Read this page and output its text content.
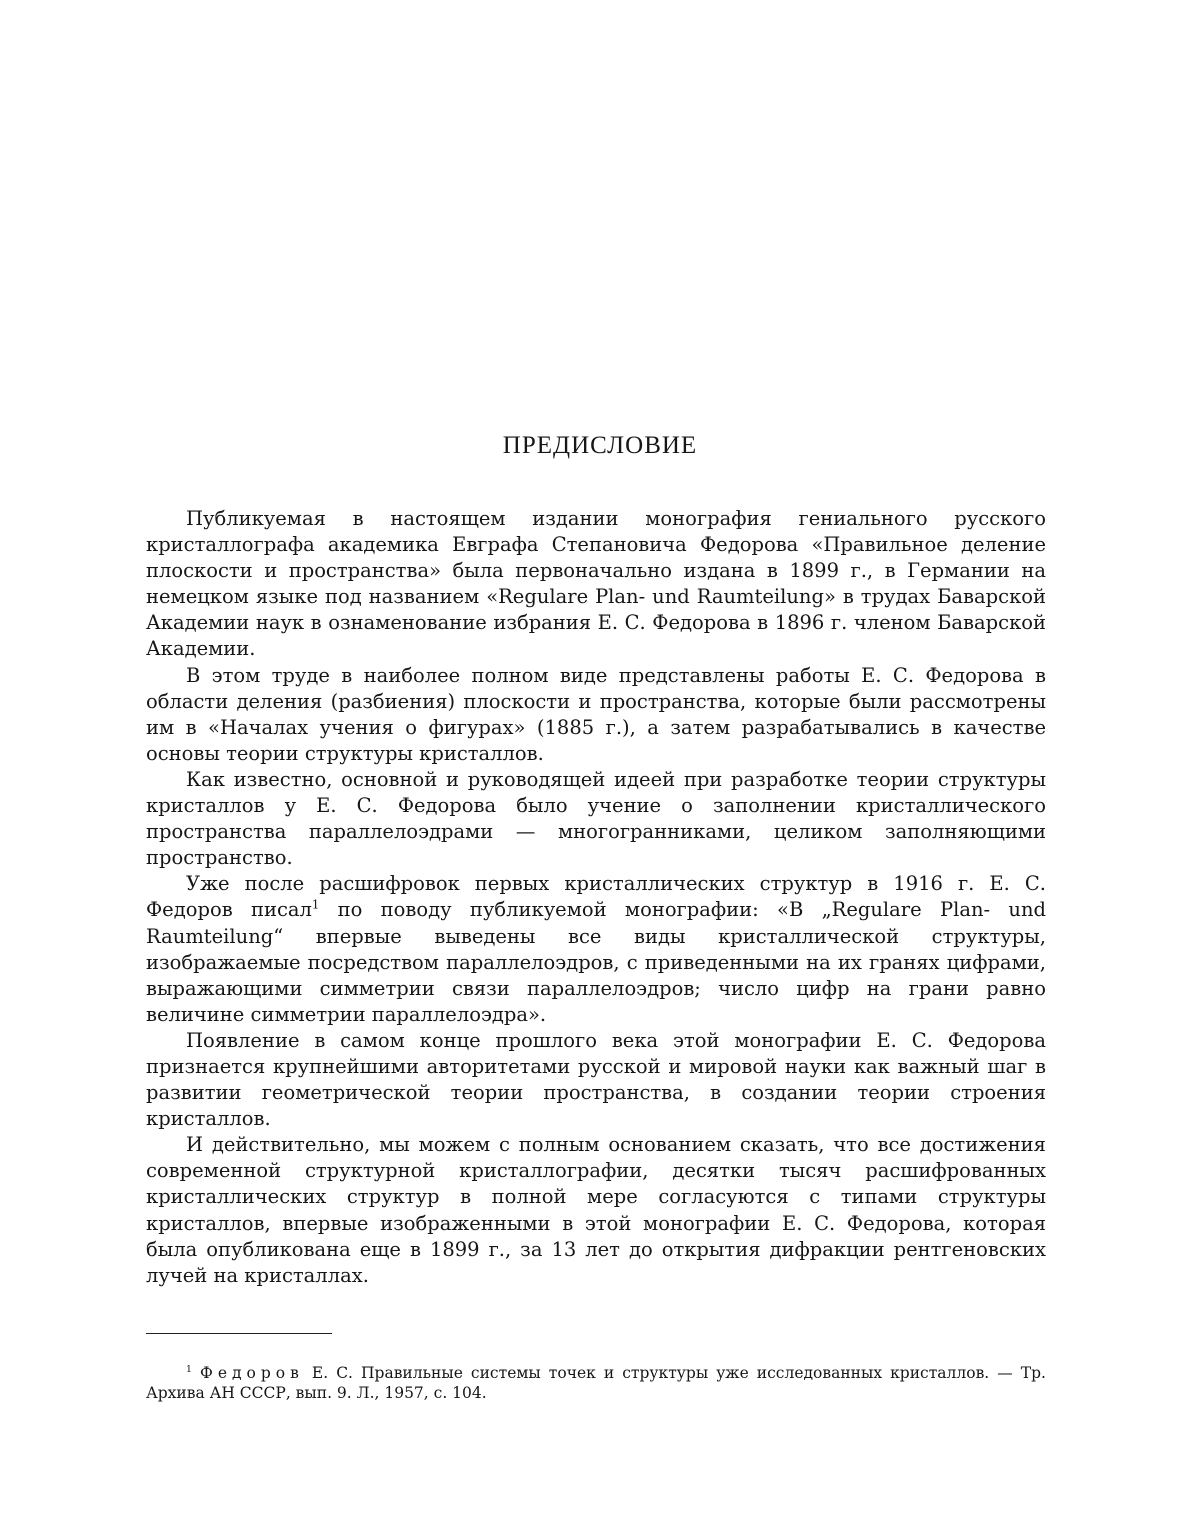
ПРЕДИСЛОВИЕ

Публикуемая в настоящем издании монография гениального русского кристаллографа академика Евграфа Степановича Федорова «Правильное деление плоскости и пространства» была первоначально издана в 1899 г., в Германии на немецком языке под названием «Regulare Plan- und Raumteilung» в трудах Баварской Академии наук в ознаменование избрания Е. С. Федорова в 1896 г. членом Баварской Академии.

В этом труде в наиболее полном виде представлены работы Е. С. Федорова в области деления (разбиения) плоскости и пространства, которые были рассмотрены им в «Началах учения о фигурах» (1885 г.), а затем разрабатывались в качестве основы теории структуры кристаллов.

Как известно, основной и руководящей идеей при разработке теории структуры кристаллов у Е. С. Федорова было учение о заполнении кристаллического пространства параллелоэдрами — многогранниками, целиком заполняющими пространство.

Уже после расшифровок первых кристаллических структур в 1916 г. Е. С. Федоров писал$^1$ по поводу публикуемой монографии: «В „Regulare Plan- und Raumteilung“ впервые выведены все виды кристаллической структуры, изображаемые посредством параллелоэдров, с приведенными на их гранях цифрами, выражающими симметрии связи параллелоэдров; число цифр на грани равно величине симметрии параллелоэдра».

Появление в самом конце прошлого века этой монографии Е. С. Федорова признается крупнейшими авторитетами русской и мировой науки как важный шаг в развитии геометрической теории пространства, в создании теории строения кристаллов.

И действительно, мы можем с полным основанием сказать, что все достижения современной структурной кристаллографии, десятки тысяч расшифрованных кристаллических структур в полной мере согласуются с типами структуры кристаллов, впервые изображенными в этой монографии Е. С. Федорова, которая была опубликована еще в 1899 г., за 13 лет до открытия дифракции рентгеновских лучей на кристаллах.

$^1$ Федоров Е. С. Правильные системы точек и структуры уже исследованных кристаллов. — Тр. Архива АН СССР, вып. 9. Л., 1957, с. 104.
